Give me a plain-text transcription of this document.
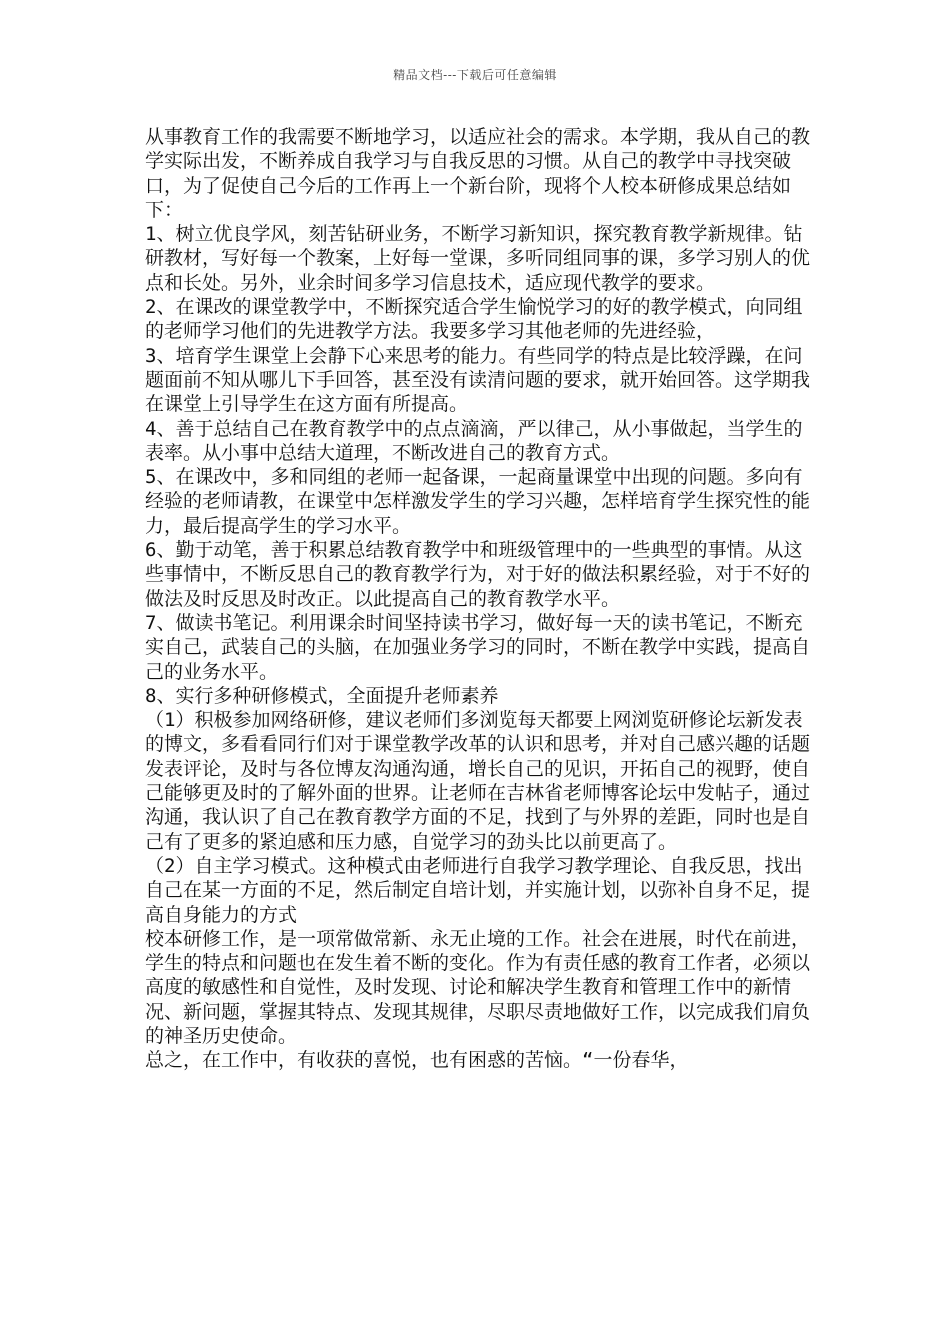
精品文档---下载后可任意编辑

从事教育工作的我需要不断地学习，以适应社会的需求。本学期，我从自己的教学实际出发，不断养成自我学习与自我反思的习惯。从自己的教学中寻找突破口，为了促使自己今后的工作再上一个新台阶，现将个人校本研修成果总结如下：

1、树立优良学风，刻苦钻研业务，不断学习新知识，探究教育教学新规律。钻研教材，写好每一个教案，上好每一堂课，多听同组同事的课，多学习别人的优点和长处。另外，业余时间多学习信息技术，适应现代教学的要求。

2、在课改的课堂教学中，不断探究适合学生愉悦学习的好的教学模式，向同组的老师学习他们的先进教学方法。我要多学习其他老师的先进经验，

3、培育学生课堂上会静下心来思考的能力。有些同学的特点是比较浮躁，在问题面前不知从哪儿下手回答，甚至没有读清问题的要求，就开始回答。这学期我在课堂上引导学生在这方面有所提高。

4、善于总结自己在教育教学中的点点滴滴，严以律己，从小事做起，当学生的表率。从小事中总结大道理，不断改进自己的教育方式。

5、在课改中，多和同组的老师一起备课，一起商量课堂中出现的问题。多向有经验的老师请教，在课堂中怎样激发学生的学习兴趣，怎样培育学生探究性的能力，最后提高学生的学习水平。

6、勤于动笔，善于积累总结教育教学中和班级管理中的一些典型的事情。从这些事情中，不断反思自己的教育教学行为，对于好的做法积累经验，对于不好的做法及时反思及时改正。以此提高自己的教育教学水平。

7、做读书笔记。利用课余时间坚持读书学习，做好每一天的读书笔记，不断充实自己，武装自己的头脑，在加强业务学习的同时，不断在教学中实践，提高自己的业务水平。

8、实行多种研修模式，全面提升老师素养

（1）积极参加网络研修，建议老师们多浏览每天都要上网浏览研修论坛新发表的博文，多看看同行们对于课堂教学改革的认识和思考，并对自己感兴趣的话题发表评论，及时与各位博友沟通沟通，增长自己的见识，开拓自己的视野，使自己能够更及时的了解外面的世界。让老师在吉林省老师博客论坛中发帖子，通过沟通，我认识了自己在教育教学方面的不足，找到了与外界的差距，同时也是自己有了更多的紧迫感和压力感，自觉学习的劲头比以前更高了。

（2）自主学习模式。这种模式由老师进行自我学习教学理论、自我反思，找出自己在某一方面的不足，然后制定自培计划，并实施计划，以弥补自身不足，提高自身能力的方式

校本研修工作，是一项常做常新、永无止境的工作。社会在进展，时代在前进，学生的特点和问题也在发生着不断的变化。作为有责任感的教育工作者，必须以高度的敏感性和自觉性，及时发现、讨论和解决学生教育和管理工作中的新情况、新问题，掌握其特点、发现其规律，尽职尽责地做好工作，以完成我们肩负的神圣历史使命。

总之，在工作中，有收获的喜悦，也有困惑的苦恼。“一份春华，
